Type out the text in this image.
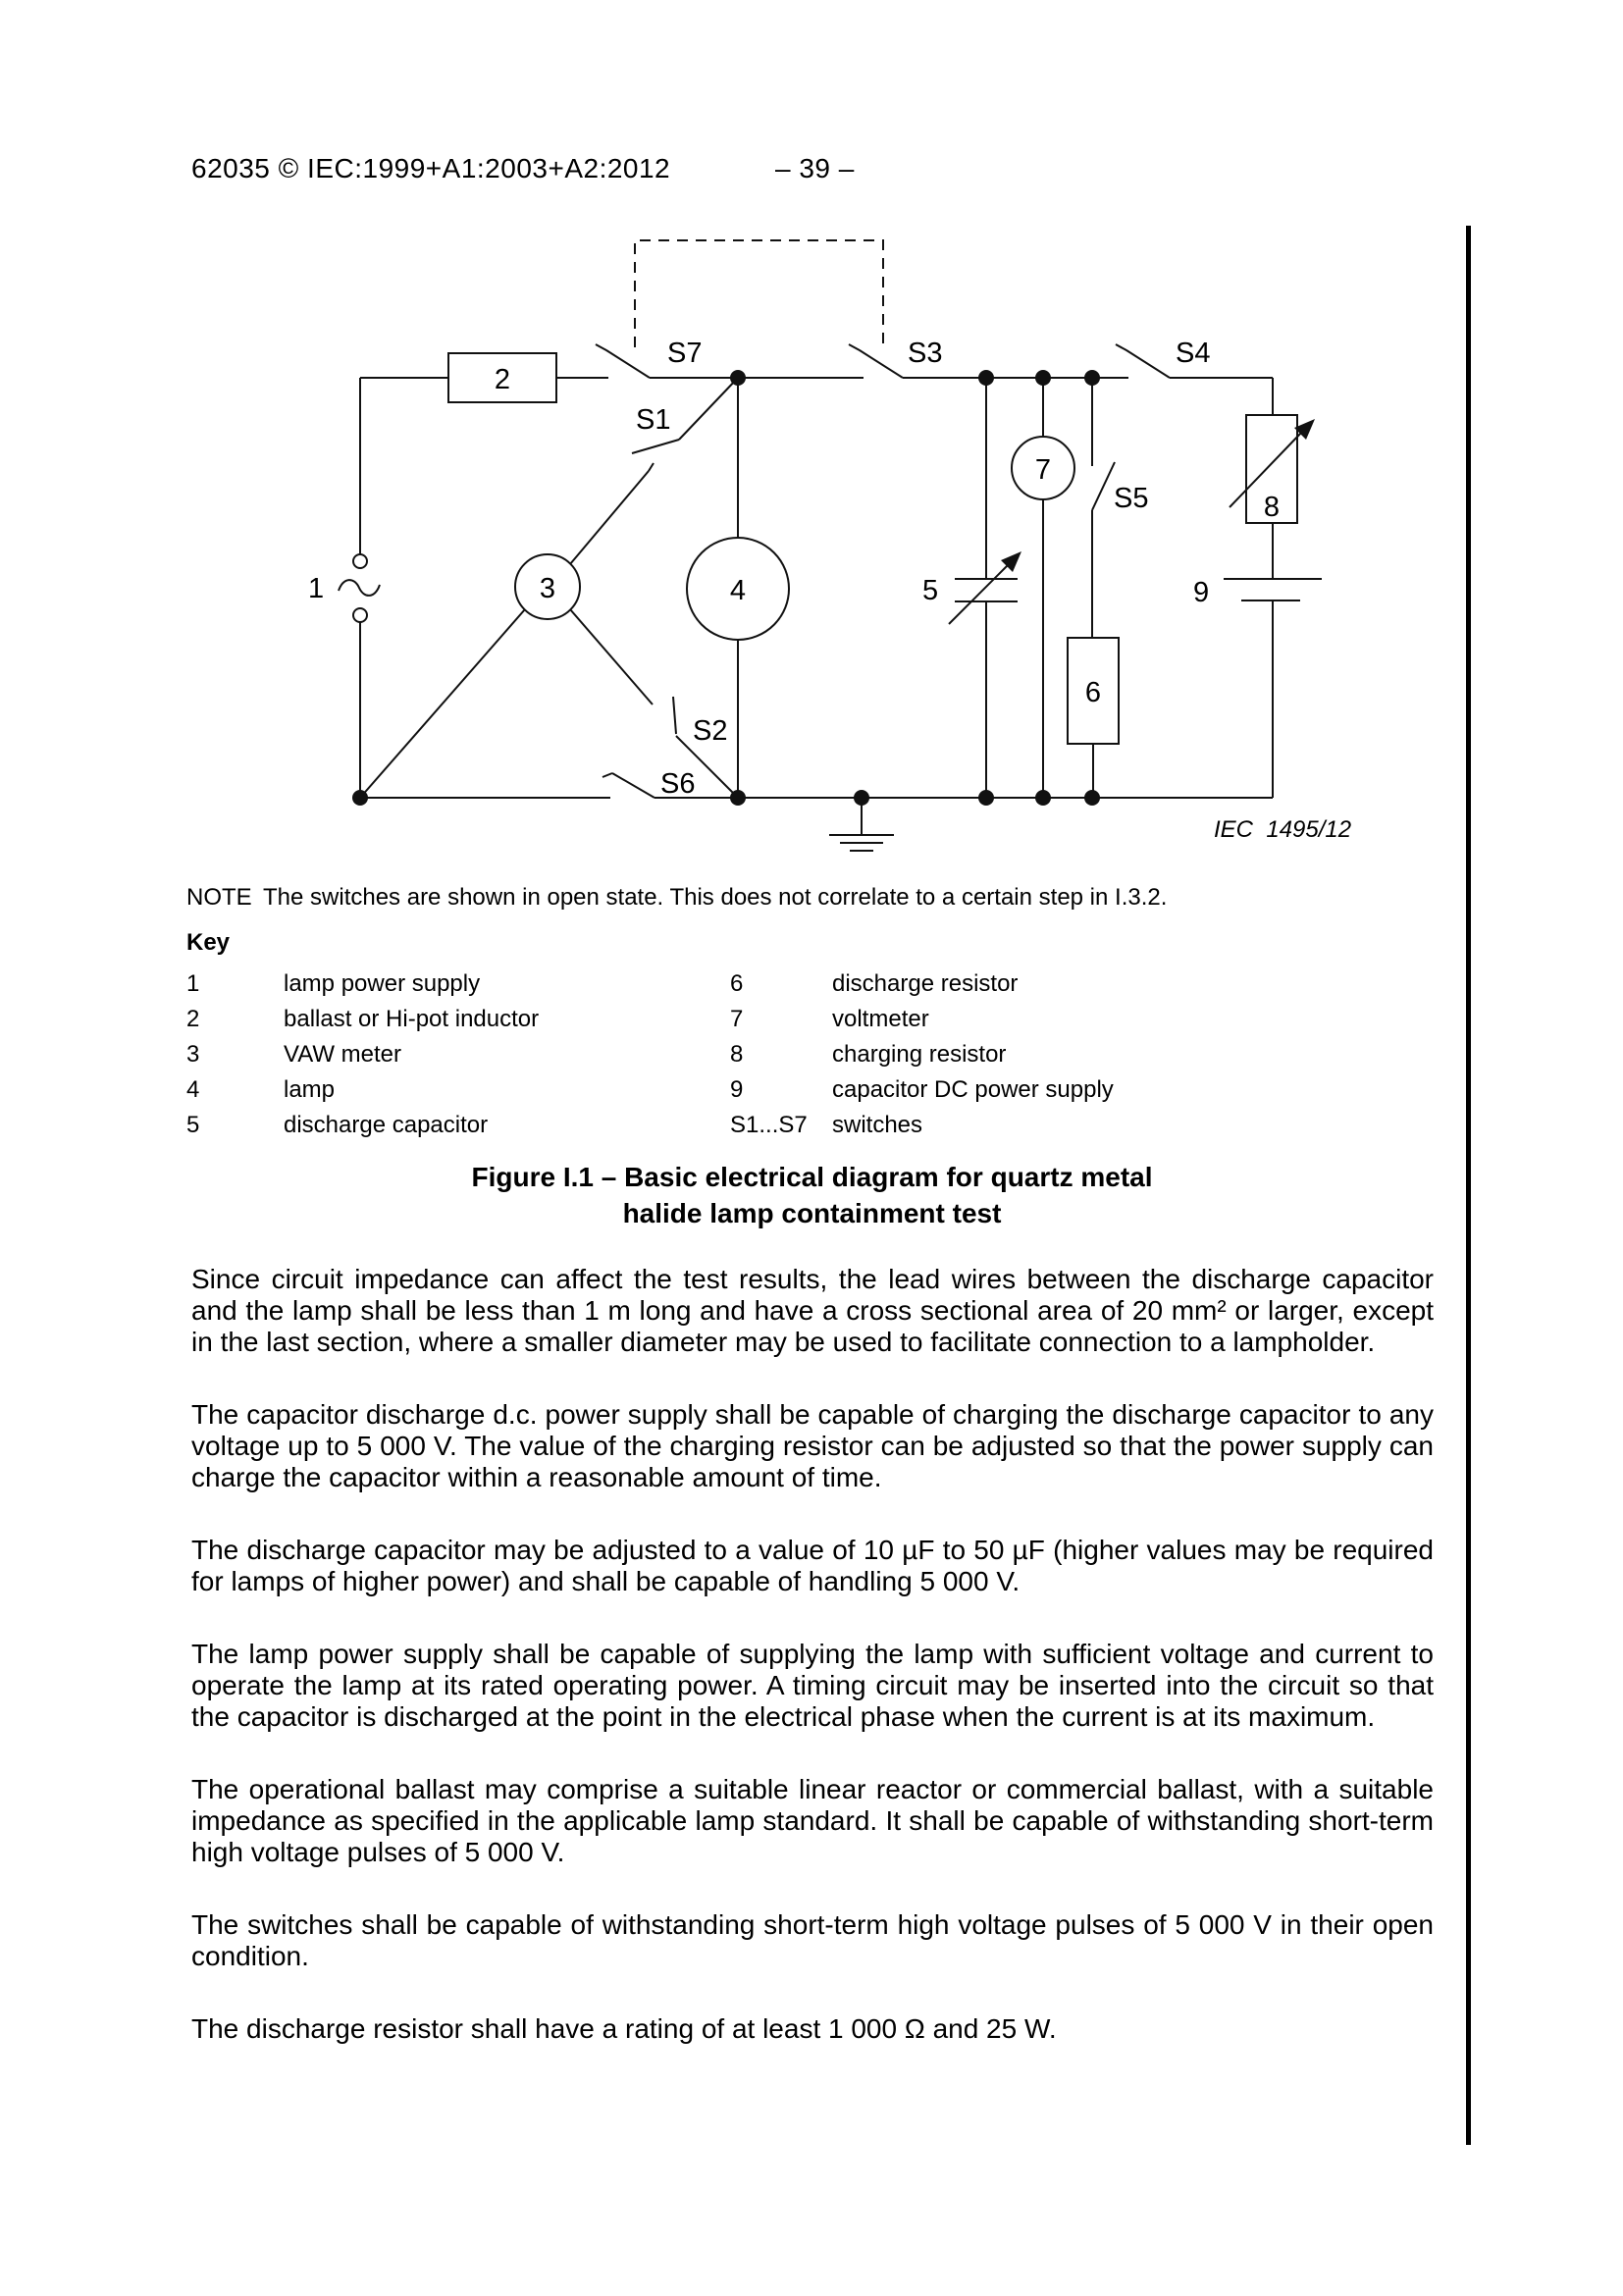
1
2
3	4	5
6
7
8
9
S7
S1
S3	S4
S5
S2
S6
IEC  1495/12
62035 © IEC:1999+A1:2003+A2:2012	– 39 –
NOTE The switches are shown in open state. This does not correlate to a certain step in I.3.2.
Key
1	lamp power supply	6	discharge resistor
2	ballast or Hi-pot inductor	7	voltmeter
3	VAW meter	8	charging resistor
4	lamp	9	capacitor DC power supply
5	discharge capacitor	S1...S7 switches
Figure I.1 – Basic electrical diagram for quartz metal
halide lamp containment test

Since circuit impedance can affect the test results, the lead wires between the discharge capacitor and the lamp shall be less than 1 m long and have a cross sectional area of 20 mm² or larger, except in the last section, where a smaller diameter may be used to facilitate connection to a lampholder.

The capacitor discharge d.c. power supply shall be capable of charging the discharge capacitor to any voltage up to 5 000 V. The value of the charging resistor can be adjusted so that the power supply can charge the capacitor within a reasonable amount of time.

The discharge capacitor may be adjusted to a value of 10 µF to 50 µF (higher values may be required for lamps of higher power) and shall be capable of handling 5 000 V.

The lamp power supply shall be capable of supplying the lamp with sufficient voltage and current to operate the lamp at its rated operating power. A timing circuit may be inserted into the circuit so that the capacitor is discharged at the point in the electrical phase when the current is at its maximum.

The operational ballast may comprise a suitable linear reactor or commercial ballast, with a suitable impedance as specified in the applicable lamp standard. It shall be capable of withstanding short-term high voltage pulses of 5 000 V.

The switches shall be capable of withstanding short-term high voltage pulses of 5 000 V in their open condition.

The discharge resistor shall have a rating of at least 1 000 Ω and 25 W.
